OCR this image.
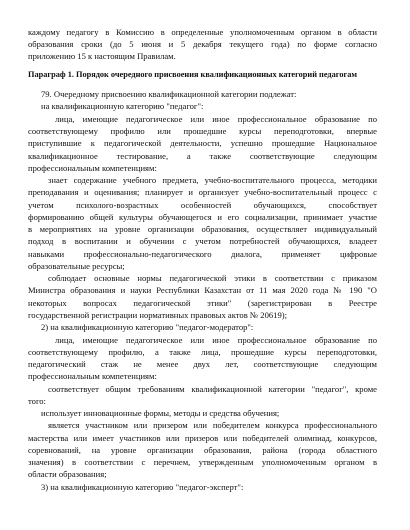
каждому педагогу в Комиссию в определенные уполномоченным органом в области
образования сроки (до 5 июня и 5 декабря текущего года) по форме согласно
приложению 15 к настоящим Правилам.
Параграф 1. Порядок очередного присвоения квалификационных категорий педагогам
79. Очередному присвоению квалификационной категории подлежат:
на квалификационную категорию "педагог":
лица, имеющие педагогическое или иное профессиональное образование по
соответствующему профилю или прошедшие курсы переподготовки, впервые
приступившие к педагогической деятельности, успешно прошедшие Национальное
квалификационное тестирование, а также соответствующие следующим
профессиональным компетенциям:
знает содержание учебного предмета, учебно-воспитательного процесса, методики
преподавания и оценивания; планирует и организует учебно-воспитательный процесс с
учетом психолого-возрастных особенностей обучающихся, способствует
формированию общей культуры обучающегося и его социализации, принимает участие
в мероприятиях на уровне организации образования, осуществляет индивидуальный
подход в воспитании и обучении с учетом потребностей обучающихся, владеет
навыками профессионально-педагогического диалога, применяет цифровые
образовательные ресурсы;
соблюдает основные нормы педагогической этики в соответствии с приказом
Министра образования и науки Республики Казахстан от 11 мая 2020 года № 190 "О
некоторых вопросах педагогической этики" (зарегистрирован в Реестре
государственной регистрации нормативных правовых актов № 20619);
2) на квалификационную категорию "педагог-модератор":
лица, имеющие педагогическое или иное профессиональное образование по
соответствующему профилю, а также лица, прошедшие курсы переподготовки,
педагогический стаж не менее двух лет, соответствующие следующим
профессиональным компетенциям:
соответствует общим требованиям квалификационной категории "педагог", кроме
того:
использует инновационные формы, методы и средства обучения;
является участником или призером или победителем конкурса профессионального
мастерства или имеет участников или призеров или победителей олимпиад, конкурсов,
соревнований, на уровне организации образования, района (города областного
значения) в соответствии с перечнем, утвержденным уполномоченным органом в
области образования;
3) на квалификационную категорию "педагог-эксперт":
